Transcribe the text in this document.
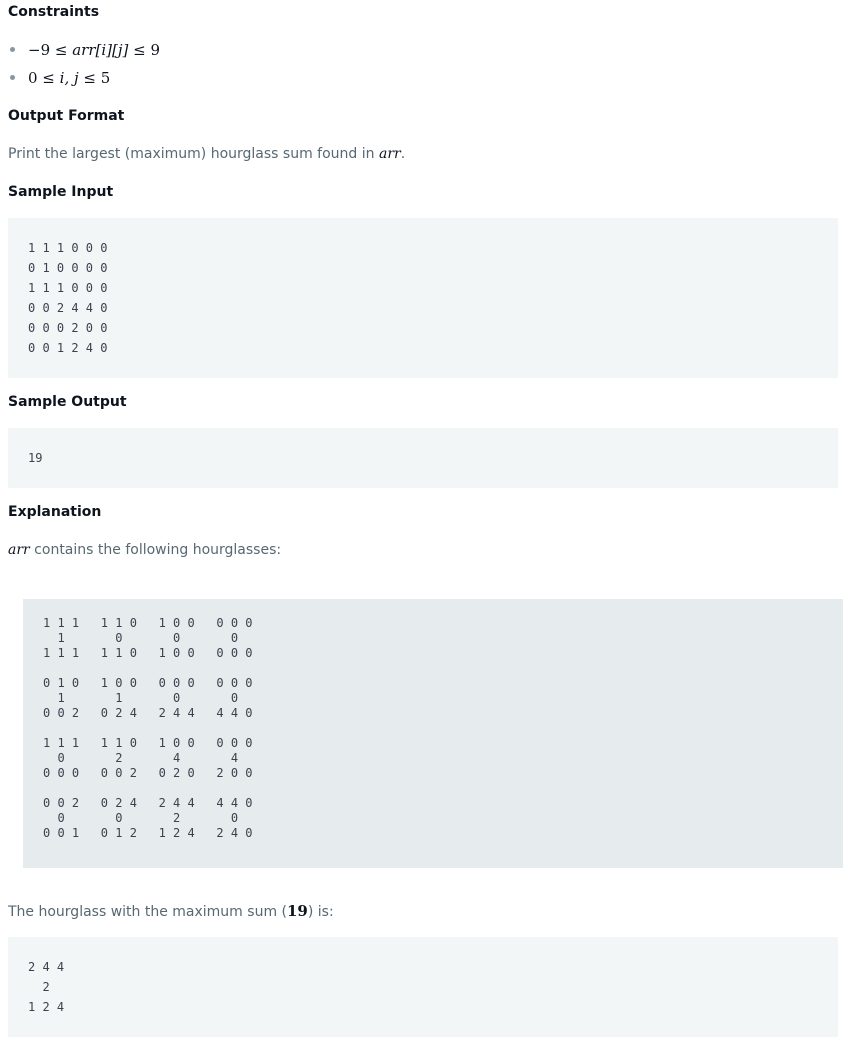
Constraints
−9 ≤ arr[i][j] ≤ 9
0 ≤ i, j ≤ 5
Output Format

Print the largest (maximum) hourglass sum found in arr.

Sample Input
1 1 1 0 0 0
0 1 0 0 0 0
1 1 1 0 0 0
0 0 2 4 4 0
0 0 0 2 0 0
0 0 1 2 4 0
Sample Output
19
Explanation

arr contains the following hourglasses:

1 1 1   1 1 0   1 0 0   0 0 0
1       0       0       0
1 1 1   1 1 0   1 0 0   0 0 0

0 1 0   1 0 0   0 0 0   0 0 0
1       1       0       0
0 0 2   0 2 4   2 4 4   4 4 0

1 1 1   1 1 0   1 0 0   0 0 0
0       2       4       4
0 0 0   0 0 2   0 2 0   2 0 0

0 0 2   0 2 4   2 4 4   4 4 0
0       0       2       0
0 0 1   0 1 2   1 2 4   2 4 0

The hourglass with the maximum sum (19) is:

2 4 4
2
1 2 4
